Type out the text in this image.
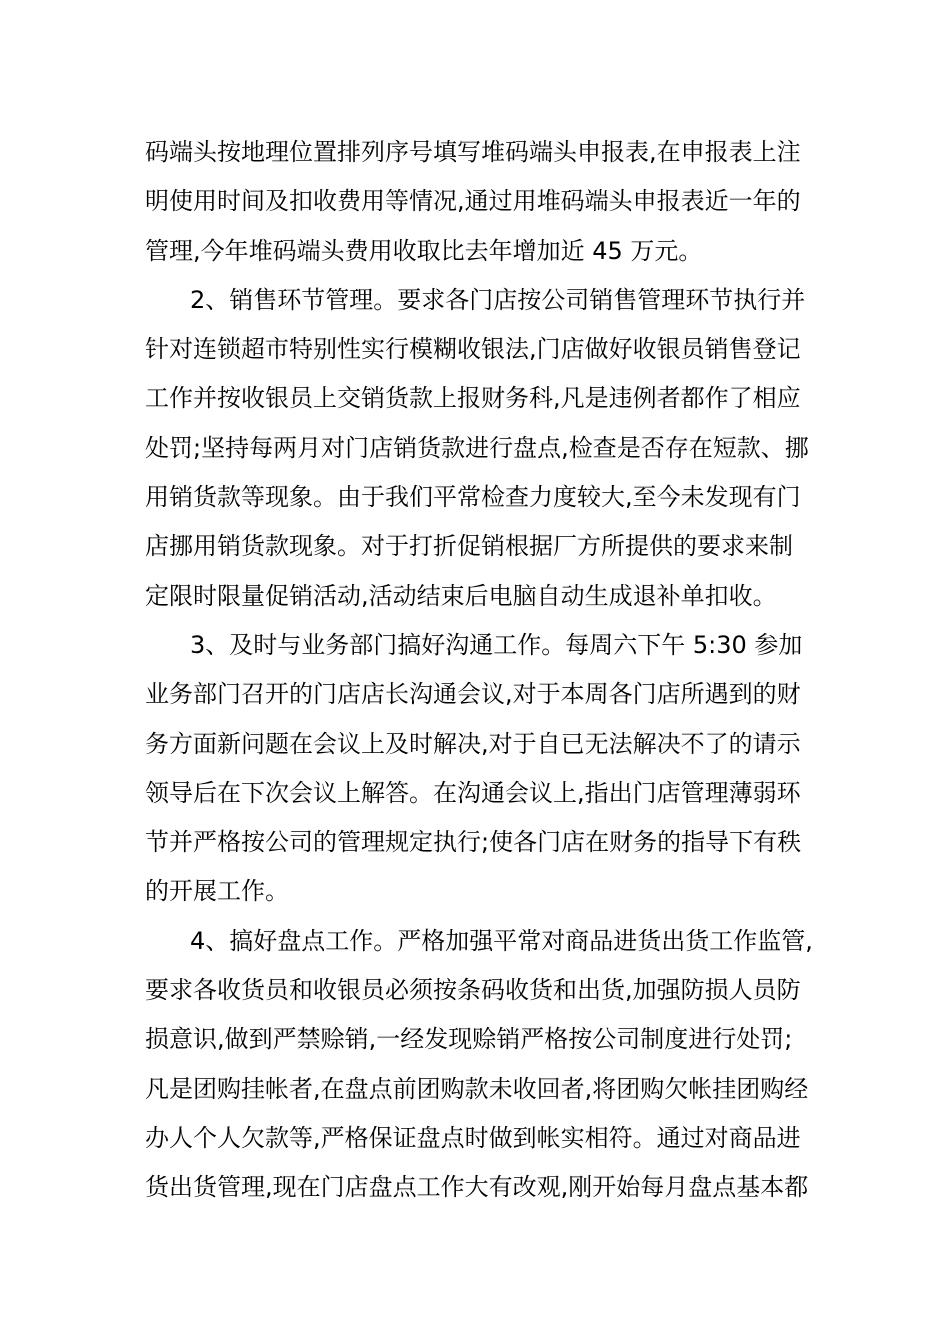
码端头按地理位置排列序号填写堆码端头申报表,在申报表上注
明使用时间及扣收费用等情况,通过用堆码端头申报表近一年的
管理,今年堆码端头费用收取比去年增加近 45 万元。
2、销售环节管理。要求各门店按公司销售管理环节执行并
针对连锁超市特别性实行模糊收银法,门店做好收银员销售登记
工作并按收银员上交销货款上报财务科,凡是违例者都作了相应
处罚;坚持每两月对门店销货款进行盘点,检查是否存在短款、挪
用销货款等现象。由于我们平常检查力度较大,至今未发现有门
店挪用销货款现象。对于打折促销根据厂方所提供的要求来制
定限时限量促销活动,活动结束后电脑自动生成退补单扣收。
3、及时与业务部门搞好沟通工作。每周六下午 5:30 参加
业务部门召开的门店店长沟通会议,对于本周各门店所遇到的财
务方面新问题在会议上及时解决,对于自已无法解决不了的请示
领导后在下次会议上解答。在沟通会议上,指出门店管理薄弱环
节并严格按公司的管理规定执行;使各门店在财务的指导下有秩
的开展工作。
4、搞好盘点工作。严格加强平常对商品进货出货工作监管,
要求各收货员和收银员必须按条码收货和出货,加强防损人员防
损意识,做到严禁赊销,一经发现赊销严格按公司制度进行处罚;
凡是团购挂帐者,在盘点前团购款未收回者,将团购欠帐挂团购经
办人个人欠款等,严格保证盘点时做到帐实相符。通过对商品进
货出货管理,现在门店盘点工作大有改观,刚开始每月盘点基本都
